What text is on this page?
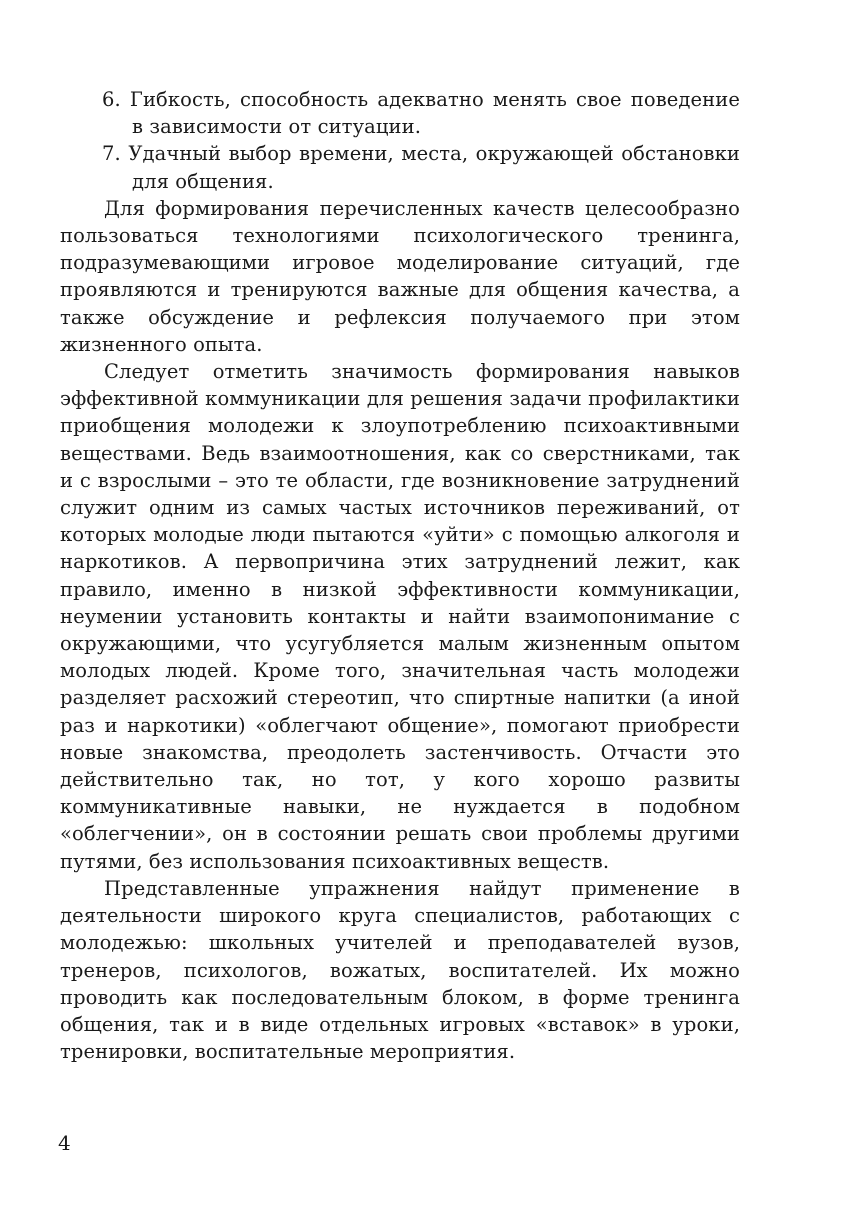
6. Гибкость, способность адекватно менять свое поведение в зависимости от ситуации.

7. Удачный выбор времени, места, окружающей обстановки для общения.

Для формирования перечисленных качеств целесообразно пользоваться технологиями психологического тренинга, подразумевающими игровое моделирование ситуаций, где проявляются и тренируются важные для общения качества, а также обсуждение и рефлексия получаемого при этом жизненного опыта.

Следует отметить значимость формирования навыков эффективной коммуникации для решения задачи профилактики приобщения молодежи к злоупотреблению психоактивными веществами. Ведь взаимоотношения, как со сверстниками, так и с взрослыми – это те области, где возникновение затруднений служит одним из самых частых источников переживаний, от которых молодые люди пытаются «уйти» с помощью алкоголя и наркотиков. А первопричина этих затруднений лежит, как правило, именно в низкой эффективности коммуникации, неумении установить контакты и найти взаимопонимание с окружающими, что усугубляется малым жизненным опытом молодых людей. Кроме того, значительная часть молодежи разделяет расхожий стереотип, что спиртные напитки (а иной раз и наркотики) «облегчают общение», помогают приобрести новые знакомства, преодолеть застенчивость. Отчасти это действительно так, но тот, у кого хорошо развиты коммуникативные навыки, не нуждается в подобном «облегчении», он в состоянии решать свои проблемы другими путями, без использования психоактивных веществ.

Представленные упражнения найдут применение в деятельности широкого круга специалистов, работающих с молодежью: школьных учителей и преподавателей вузов, тренеров, психологов, вожатых, воспитателей. Их можно проводить как последовательным блоком, в форме тренинга общения, так и в виде отдельных игровых «вставок» в уроки, тренировки, воспитательные мероприятия.

4
